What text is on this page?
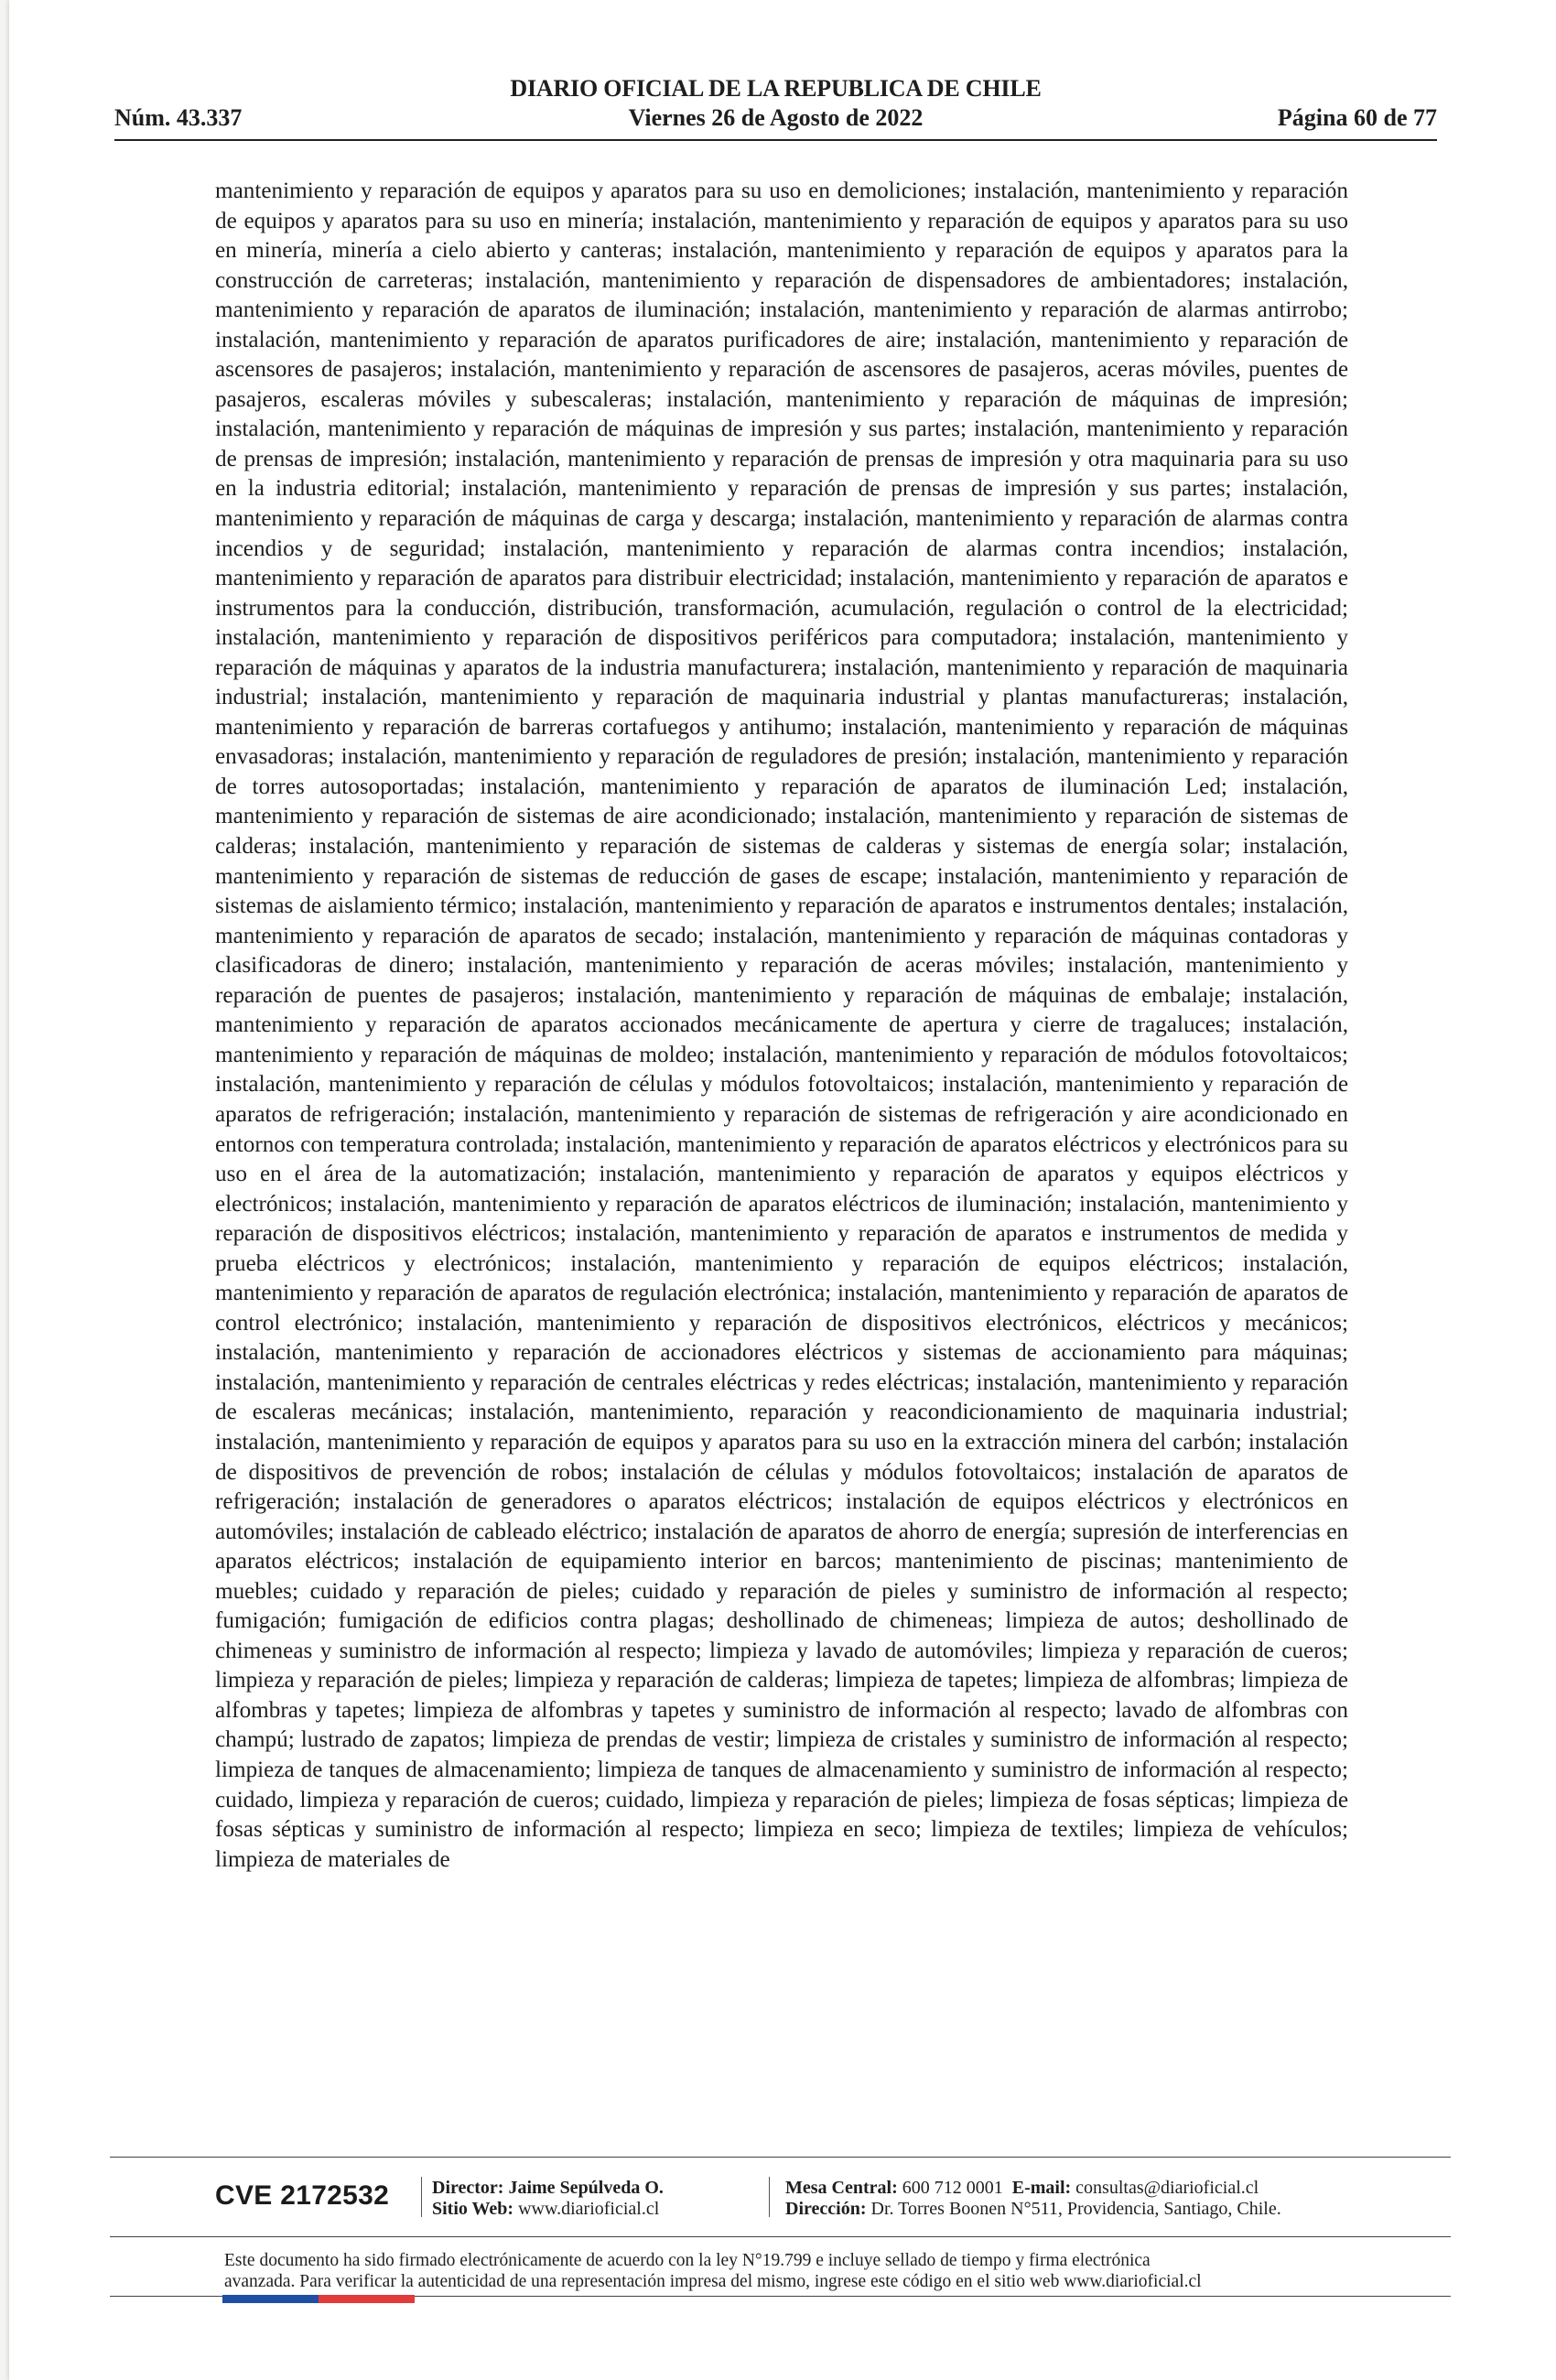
DIARIO OFICIAL DE LA REPUBLICA DE CHILE
Núm. 43.337	Viernes 26 de Agosto de 2022	Página 60 de 77

mantenimiento y reparación de equipos y aparatos para su uso en demoliciones; instalación, mantenimiento y reparación de equipos y aparatos para su uso en minería; instalación, mantenimiento y reparación de equipos y aparatos para su uso en minería, minería a cielo abierto y canteras; instalación, mantenimiento y reparación de equipos y aparatos para la construcción de carreteras; instalación, mantenimiento y reparación de dispensadores de ambientadores; instalación, mantenimiento y reparación de aparatos de iluminación; instalación, mantenimiento y reparación de alarmas antirrobo; instalación, mantenimiento y reparación de aparatos purificadores de aire; instalación, mantenimiento y reparación de ascensores de pasajeros; instalación, mantenimiento y reparación de ascensores de pasajeros, aceras móviles, puentes de pasajeros, escaleras móviles y subescaleras; instalación, mantenimiento y reparación de máquinas de impresión; instalación, mantenimiento y reparación de máquinas de impresión y sus partes; instalación, mantenimiento y reparación de prensas de impresión; instalación, mantenimiento y reparación de prensas de impresión y otra maquinaria para su uso en la industria editorial; instalación, mantenimiento y reparación de prensas de impresión y sus partes; instalación, mantenimiento y reparación de máquinas de carga y descarga; instalación, mantenimiento y reparación de alarmas contra incendios y de seguridad; instalación, mantenimiento y reparación de alarmas contra incendios; instalación, mantenimiento y reparación de aparatos para distribuir electricidad; instalación, mantenimiento y reparación de aparatos e instrumentos para la conducción, distribución, transformación, acumulación, regulación o control de la electricidad; instalación, mantenimiento y reparación de dispositivos periféricos para computadora; instalación, mantenimiento y reparación de máquinas y aparatos de la industria manufacturera; instalación, mantenimiento y reparación de maquinaria industrial; instalación, mantenimiento y reparación de maquinaria industrial y plantas manufactureras; instalación, mantenimiento y reparación de barreras cortafuegos y antihumo; instalación, mantenimiento y reparación de máquinas envasadoras; instalación, mantenimiento y reparación de reguladores de presión; instalación, mantenimiento y reparación de torres autosoportadas; instalación, mantenimiento y reparación de aparatos de iluminación Led; instalación, mantenimiento y reparación de sistemas de aire acondicionado; instalación, mantenimiento y reparación de sistemas de calderas; instalación, mantenimiento y reparación de sistemas de calderas y sistemas de energía solar; instalación, mantenimiento y reparación de sistemas de reducción de gases de escape; instalación, mantenimiento y reparación de sistemas de aislamiento térmico; instalación, mantenimiento y reparación de aparatos e instrumentos dentales; instalación, mantenimiento y reparación de aparatos de secado; instalación, mantenimiento y reparación de máquinas contadoras y clasificadoras de dinero; instalación, mantenimiento y reparación de aceras móviles; instalación, mantenimiento y reparación de puentes de pasajeros; instalación, mantenimiento y reparación de máquinas de embalaje; instalación, mantenimiento y reparación de aparatos accionados mecánicamente de apertura y cierre de tragaluces; instalación, mantenimiento y reparación de máquinas de moldeo; instalación, mantenimiento y reparación de módulos fotovoltaicos; instalación, mantenimiento y reparación de células y módulos fotovoltaicos; instalación, mantenimiento y reparación de aparatos de refrigeración; instalación, mantenimiento y reparación de sistemas de refrigeración y aire acondicionado en entornos con temperatura controlada; instalación, mantenimiento y reparación de aparatos eléctricos y electrónicos para su uso en el área de la automatización; instalación, mantenimiento y reparación de aparatos y equipos eléctricos y electrónicos; instalación, mantenimiento y reparación de aparatos eléctricos de iluminación; instalación, mantenimiento y reparación de dispositivos eléctricos; instalación, mantenimiento y reparación de aparatos e instrumentos de medida y prueba eléctricos y electrónicos; instalación, mantenimiento y reparación de equipos eléctricos; instalación, mantenimiento y reparación de aparatos de regulación electrónica; instalación, mantenimiento y reparación de aparatos de control electrónico; instalación, mantenimiento y reparación de dispositivos electrónicos, eléctricos y mecánicos; instalación, mantenimiento y reparación de accionadores eléctricos y sistemas de accionamiento para máquinas; instalación, mantenimiento y reparación de centrales eléctricas y redes eléctricas; instalación, mantenimiento y reparación de escaleras mecánicas; instalación, mantenimiento, reparación y reacondicionamiento de maquinaria industrial; instalación, mantenimiento y reparación de equipos y aparatos para su uso en la extracción minera del carbón; instalación de dispositivos de prevención de robos; instalación de células y módulos fotovoltaicos; instalación de aparatos de refrigeración; instalación de generadores o aparatos eléctricos; instalación de equipos eléctricos y electrónicos en automóviles; instalación de cableado eléctrico; instalación de aparatos de ahorro de energía; supresión de interferencias en aparatos eléctricos; instalación de equipamiento interior en barcos; mantenimiento de piscinas; mantenimiento de muebles; cuidado y reparación de pieles; cuidado y reparación de pieles y suministro de información al respecto; fumigación; fumigación de edificios contra plagas; deshollinado de chimeneas; limpieza de autos; deshollinado de chimeneas y suministro de información al respecto; limpieza y lavado de automóviles; limpieza y reparación de cueros; limpieza y reparación de pieles; limpieza y reparación de calderas; limpieza de tapetes; limpieza de alfombras; limpieza de alfombras y tapetes; limpieza de alfombras y tapetes y suministro de información al respecto; lavado de alfombras con champú; lustrado de zapatos; limpieza de prendas de vestir; limpieza de cristales y suministro de información al respecto; limpieza de tanques de almacenamiento; limpieza de tanques de almacenamiento y suministro de información al respecto; cuidado, limpieza y reparación de cueros; cuidado, limpieza y reparación de pieles; limpieza de fosas sépticas; limpieza de fosas sépticas y suministro de información al respecto; limpieza en seco; limpieza de textiles; limpieza de vehículos; limpieza de materiales de

CVE 2172532 Director: Jaime Sepúlveda O.
Sitio Web: www.diarioficial.cl
Mesa Central: 600 712 0001 E-mail: consultas@diarioficial.cl
Dirección: Dr. Torres Boonen N°511, Providencia, Santiago, Chile.
Este documento ha sido firmado electrónicamente de acuerdo con la ley N°19.799 e incluye sellado de tiempo y firma electrónica
avanzada. Para verificar la autenticidad de una representación impresa del mismo, ingrese este código en el sitio web www.diarioficial.cl
